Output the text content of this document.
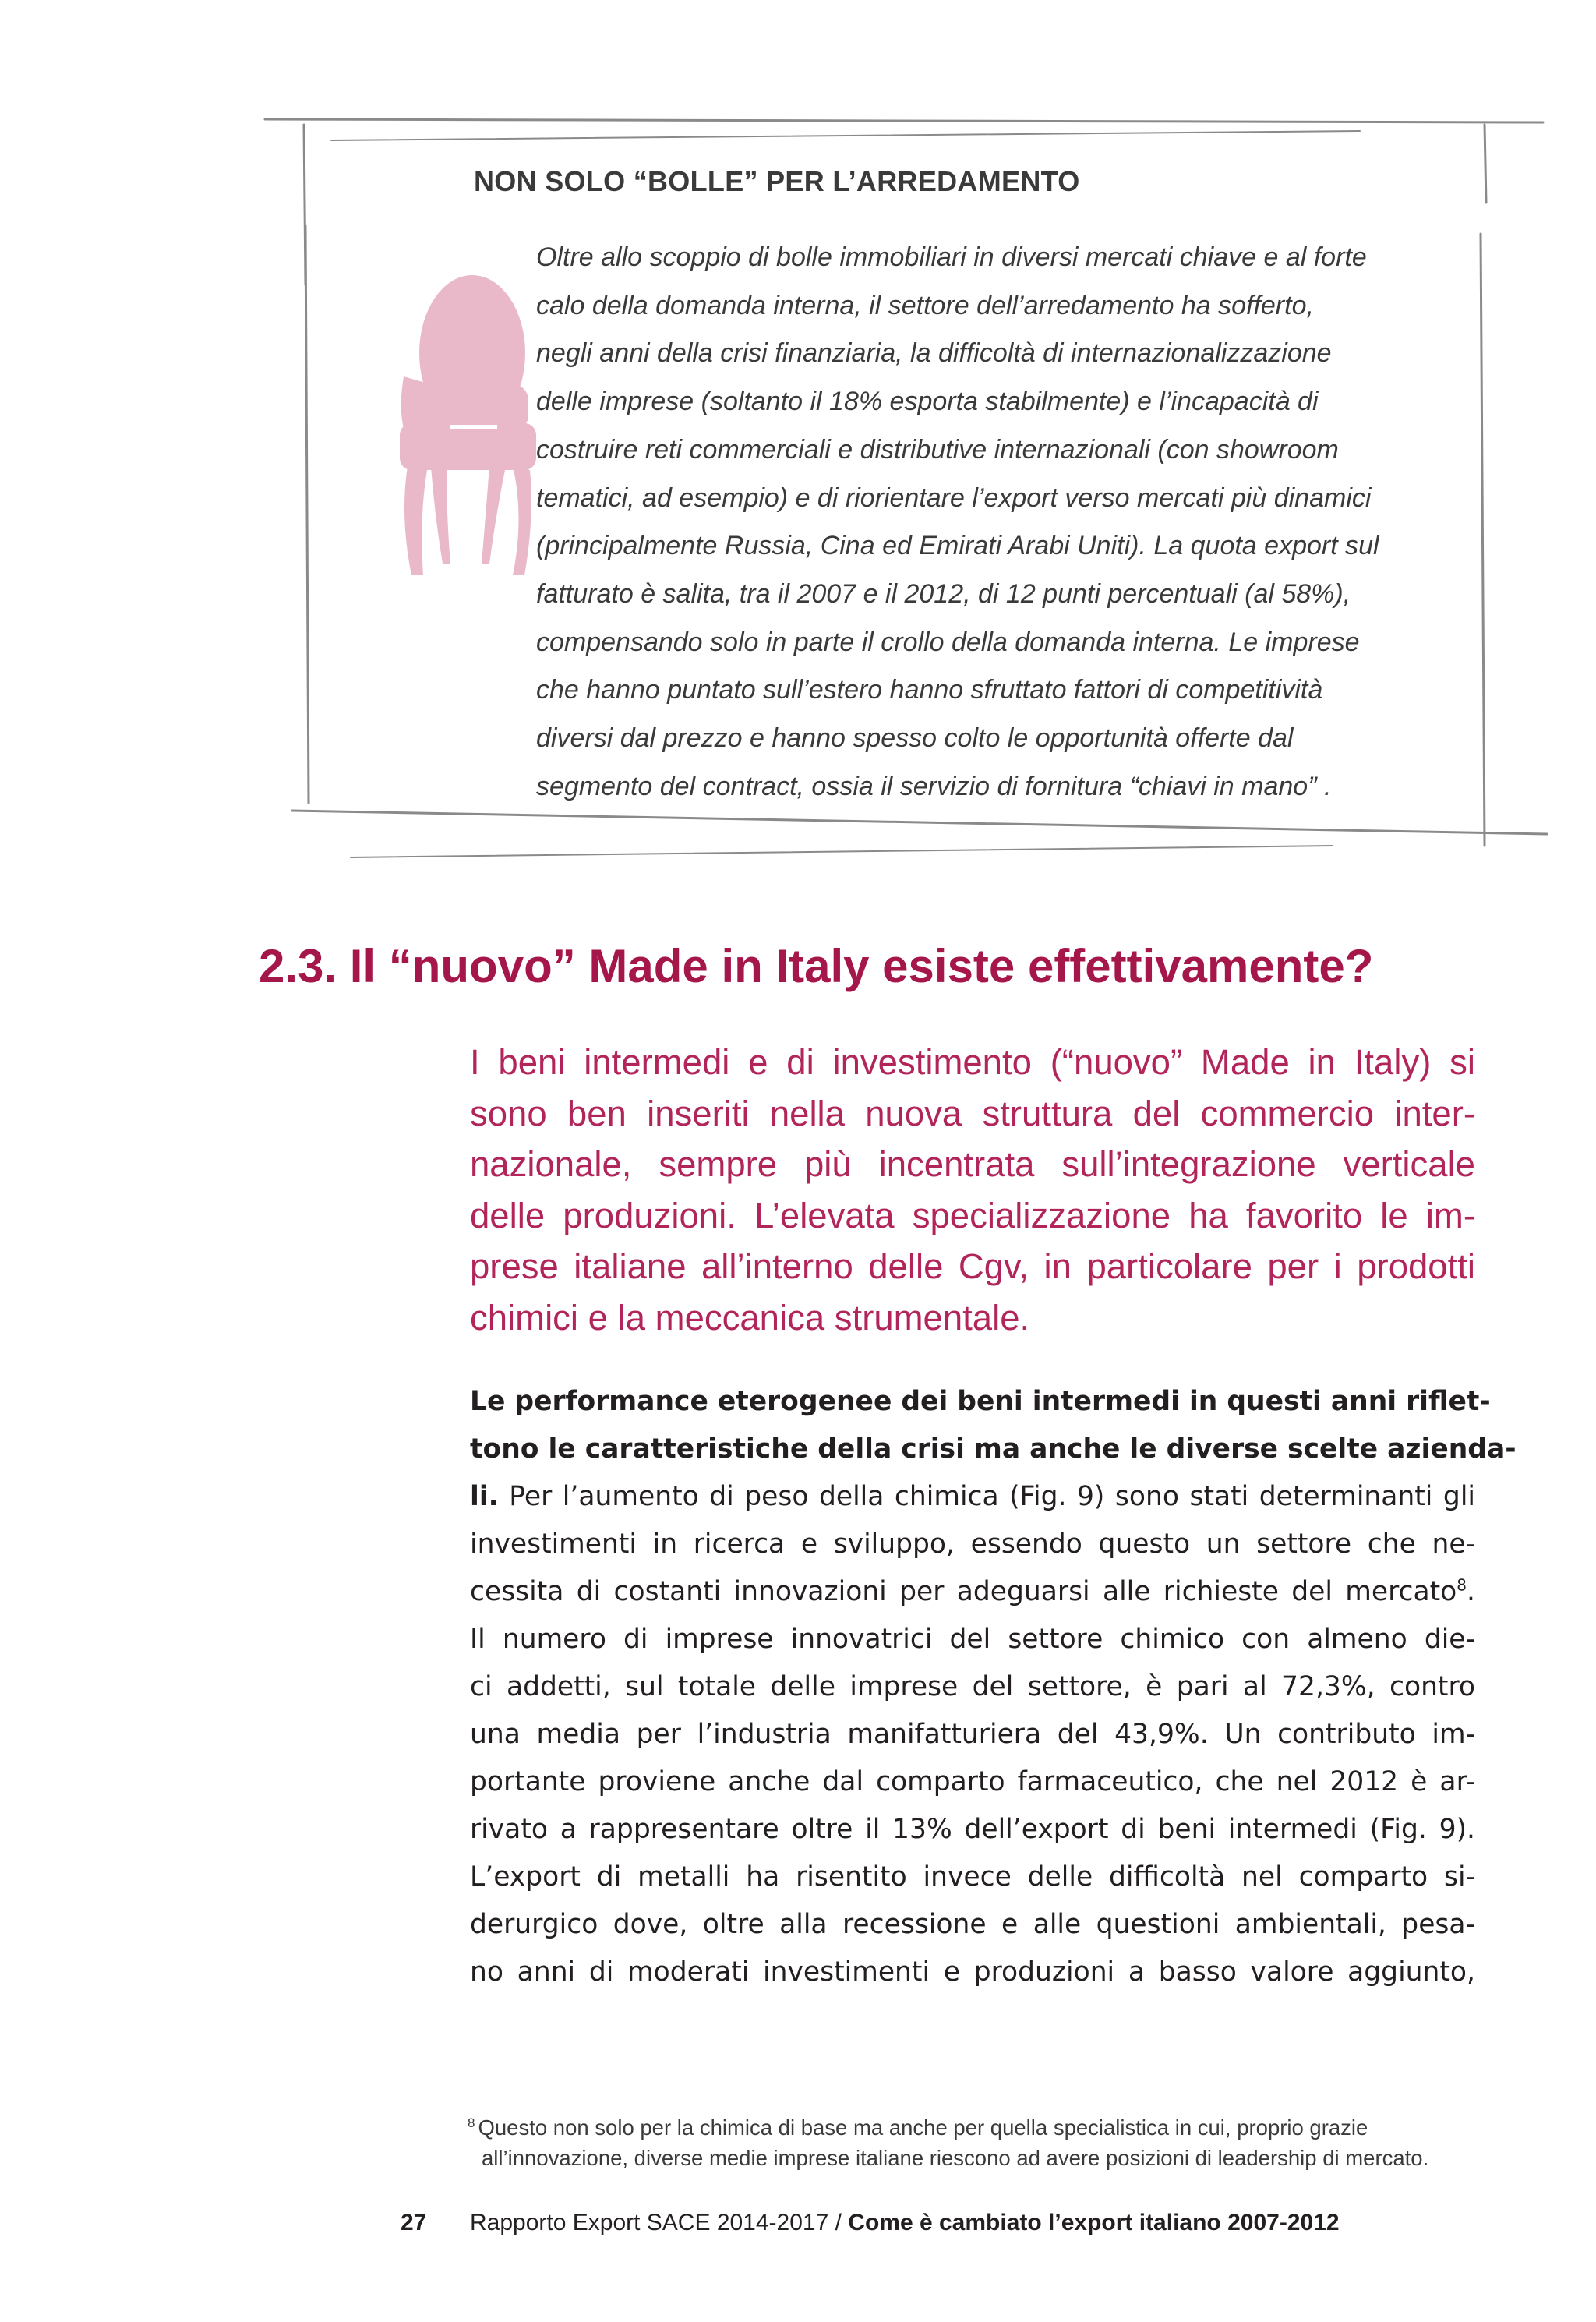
NON SOLO “BOLLE” PER L’ARREDAMENTO
Oltre allo scoppio di bolle immobiliari in diversi mercati chiave e al forte
calo della domanda interna, il settore dell’arredamento ha sofferto,
negli anni della crisi finanziaria, la difficoltà di internazionalizzazione
delle imprese (soltanto il 18% esporta stabilmente) e l’incapacità di
costruire reti commerciali e distributive internazionali (con showroom
tematici, ad esempio) e di riorientare l’export verso mercati più dinamici
(principalmente Russia, Cina ed Emirati Arabi Uniti). La quota export sul
fatturato è salita, tra il 2007 e il 2012, di 12 punti percentuali (al 58%),
compensando solo in parte il crollo della domanda interna. Le imprese
che hanno puntato sull’estero hanno sfruttato fattori di competitività
diversi dal prezzo e hanno spesso colto le opportunità offerte dal
segmento del contract, ossia il servizio di fornitura “chiavi in mano” .
2.3. Il “nuovo” Made in Italy esiste effettivamente?
I beni intermedi e di investimento (“nuovo” Made in Italy) si
sono ben inseriti nella nuova struttura del commercio inter-
nazionale, sempre più incentrata sull’integrazione verticale
delle produzioni. L’elevata specializzazione ha favorito le im-
prese italiane all’interno delle Cgv, in particolare per i prodotti
chimici e la meccanica strumentale.
Le performance eterogenee dei beni intermedi in questi anni riflet-
tono le caratteristiche della crisi ma anche le diverse scelte azienda-
li. Per l’aumento di peso della chimica (Fig. 9) sono stati determinanti gli
investimenti in ricerca e sviluppo, essendo questo un settore che ne-
cessita di costanti innovazioni per adeguarsi alle richieste del mercato$^8$.
Il numero di imprese innovatrici del settore chimico con almeno die-
ci addetti, sul totale delle imprese del settore, è pari al 72,3%, contro
una media per l’industria manifatturiera del 43,9%. Un contributo im-
portante proviene anche dal comparto farmaceutico, che nel 2012 è ar-
rivato a rappresentare oltre il 13% dell’export di beni intermedi (Fig. 9).
L’export di metalli ha risentito invece delle difficoltà nel comparto si-
derurgico dove, oltre alla recessione e alle questioni ambientali, pesa-
no anni di moderati investimenti e produzioni a basso valore aggiunto,
$^8$ Questo non solo per la chimica di base ma anche per quella specialistica in cui, proprio grazie
all’innovazione, diverse medie imprese italiane riescono ad avere posizioni di leadership di mercato.
27 Rapporto Export SACE 2014-2017 / Come è cambiato l’export italiano 2007-2012
